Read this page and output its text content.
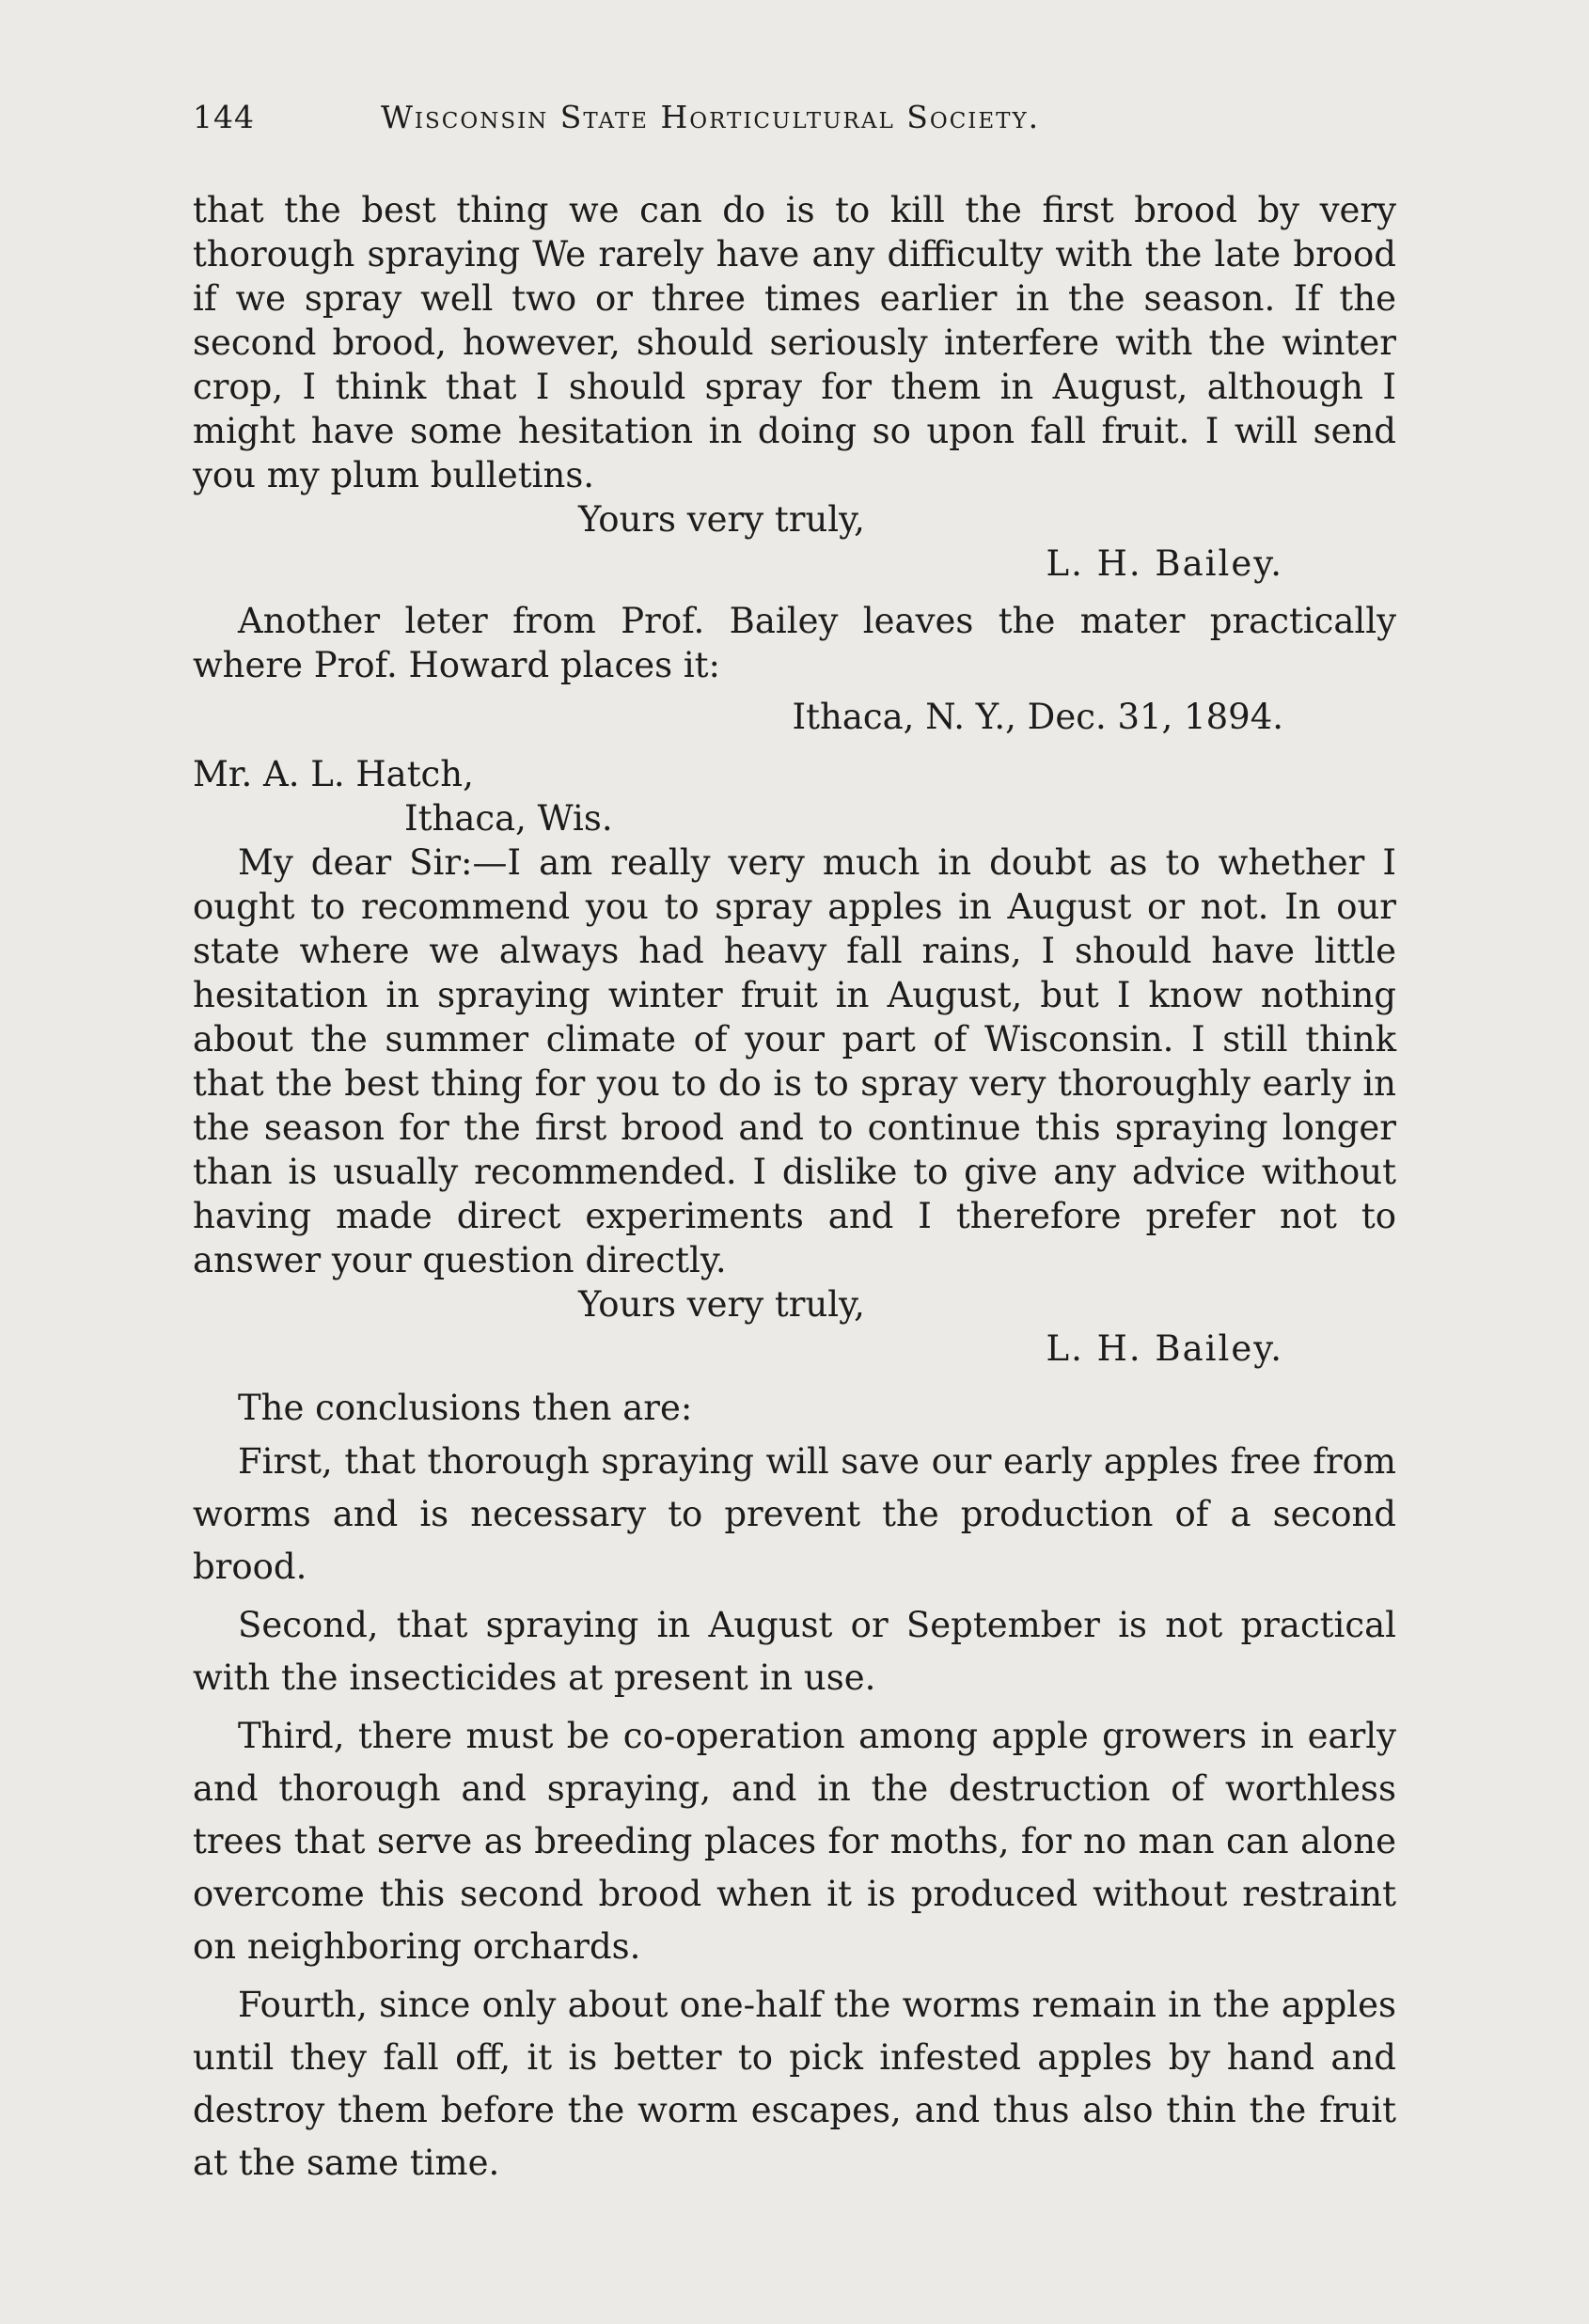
144	Wisconsin State Horticultural Society.

that the best thing we can do is to kill the first brood by very thorough spraying We rarely have any difficulty with the late brood if we spray well two or three times earlier in the season. If the second brood, however, should seriously interfere with the winter crop, I think that I should spray for them in August, although I might have some hesitation in doing so upon fall fruit. I will send you my plum bulletins.

Yours very truly,

L. H. Bailey.

Another leter from Prof. Bailey leaves the mater practically where Prof. Howard places it:

Ithaca, N. Y., Dec. 31, 1894.

Mr. A. L. Hatch,

Ithaca, Wis.

My dear Sir:—I am really very much in doubt as to whether I ought to recommend you to spray apples in August or not. In our state where we always had heavy fall rains, I should have little hesitation in spraying winter fruit in August, but I know nothing about the summer climate of your part of Wisconsin. I still think that the best thing for you to do is to spray very thoroughly early in the season for the first brood and to continue this spraying longer than is usually recommended. I dislike to give any advice without having made direct experiments and I therefore prefer not to answer your question directly.

Yours very truly,

L. H. Bailey.

The conclusions then are:

First, that thorough spraying will save our early apples free from worms and is necessary to prevent the production of a second brood.

Second, that spraying in August or September is not practical with the insecticides at present in use.

Third, there must be co-operation among apple growers in early and thorough and spraying, and in the destruction of worthless trees that serve as breeding places for moths, for no man can alone overcome this second brood when it is produced without restraint on neighboring orchards.

Fourth, since only about one-half the worms remain in the apples until they fall off, it is better to pick infested apples by hand and destroy them before the worm escapes, and thus also thin the fruit at the same time.
